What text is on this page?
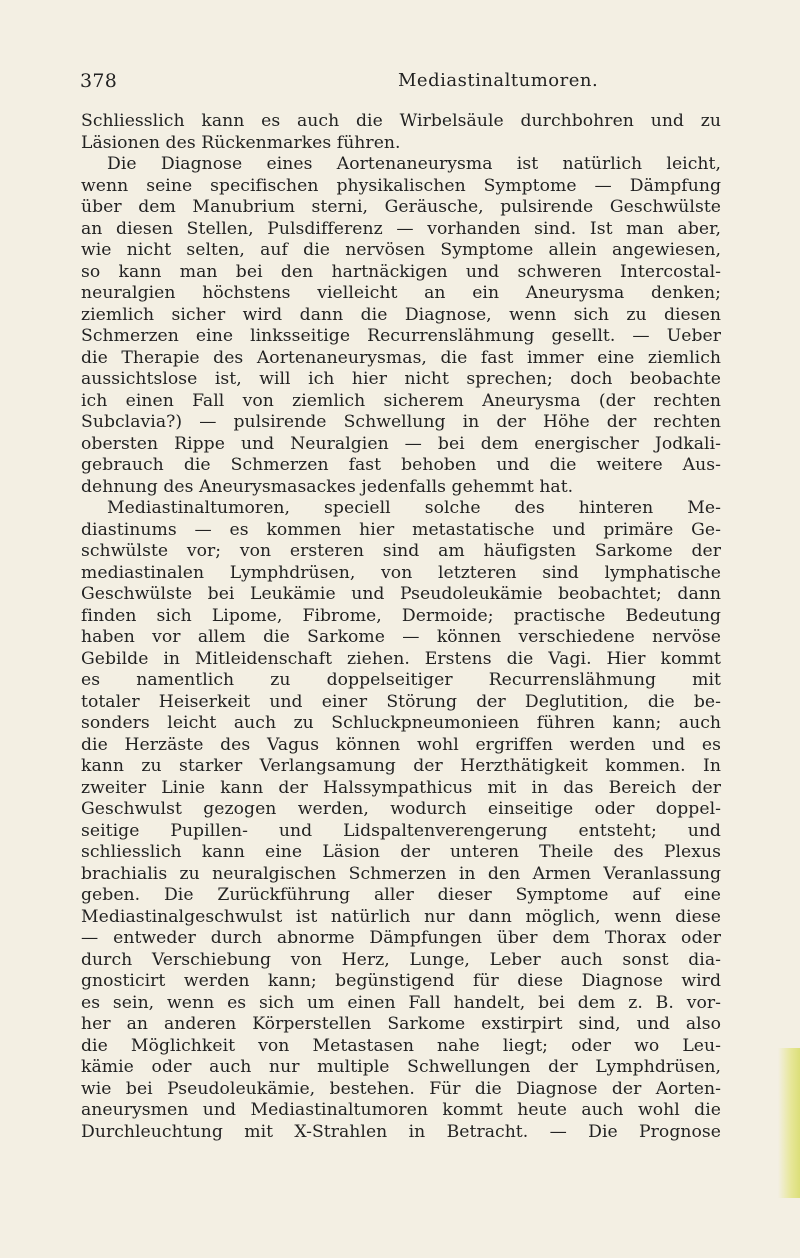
378	Mediastinaltumoren.
Schliesslich kann es auch die Wirbelsäule durchbohren und zu
Läsionen des Rückenmarkes führen.
Die Diagnose eines Aortenaneurysma ist natürlich leicht,
wenn seine specifischen physikalischen Symptome — Dämpfung
über dem Manubrium sterni, Geräusche, pulsirende Geschwülste
an diesen Stellen, Pulsdifferenz — vorhanden sind. Ist man aber,
wie nicht selten, auf die nervösen Symptome allein angewiesen,
so kann man bei den hartnäckigen und schweren Intercostal-
neuralgien höchstens vielleicht an ein Aneurysma denken;
ziemlich sicher wird dann die Diagnose, wenn sich zu diesen
Schmerzen eine linksseitige Recurrenslähmung gesellt. — Ueber
die Therapie des Aortenaneurysmas, die fast immer eine ziemlich
aussichtslose ist, will ich hier nicht sprechen; doch beobachte
ich einen Fall von ziemlich sicherem Aneurysma (der rechten
Subclavia?) — pulsirende Schwellung in der Höhe der rechten
obersten Rippe und Neuralgien — bei dem energischer Jodkali-
gebrauch die Schmerzen fast behoben und die weitere Aus-
dehnung des Aneurysmasackes jedenfalls gehemmt hat.
Mediastinaltumoren, speciell solche des hinteren Me-
diastinums — es kommen hier metastatische und primäre Ge-
schwülste vor; von ersteren sind am häufigsten Sarkome der
mediastinalen Lymphdrüsen, von letzteren sind lymphatische
Geschwülste bei Leukämie und Pseudoleukämie beobachtet; dann
finden sich Lipome, Fibrome, Dermoide; practische Bedeutung
haben vor allem die Sarkome — können verschiedene nervöse
Gebilde in Mitleidenschaft ziehen. Erstens die Vagi. Hier kommt
es namentlich zu doppelseitiger Recurrenslähmung mit
totaler Heiserkeit und einer Störung der Deglutition, die be-
sonders leicht auch zu Schluckpneumonieen führen kann; auch
die Herzäste des Vagus können wohl ergriffen werden und es
kann zu starker Verlangsamung der Herzthätigkeit kommen. In
zweiter Linie kann der Halssympathicus mit in das Bereich der
Geschwulst gezogen werden, wodurch einseitige oder doppel-
seitige Pupillen- und Lidspaltenverengerung entsteht; und
schliesslich kann eine Läsion der unteren Theile des Plexus
brachialis zu neuralgischen Schmerzen in den Armen Veranlassung
geben. Die Zurückführung aller dieser Symptome auf eine
Mediastinalgeschwulst ist natürlich nur dann möglich, wenn diese
— entweder durch abnorme Dämpfungen über dem Thorax oder
durch Verschiebung von Herz, Lunge, Leber auch sonst dia-
gnosticirt werden kann; begünstigend für diese Diagnose wird
es sein, wenn es sich um einen Fall handelt, bei dem z. B. vor-
her an anderen Körperstellen Sarkome exstirpirt sind, und also
die Möglichkeit von Metastasen nahe liegt; oder wo Leu-
kämie oder auch nur multiple Schwellungen der Lymphdrüsen,
wie bei Pseudoleukämie, bestehen. Für die Diagnose der Aorten-
aneurysmen und Mediastinaltumoren kommt heute auch wohl die
Durchleuchtung mit X-Strahlen in Betracht. — Die Prognose
